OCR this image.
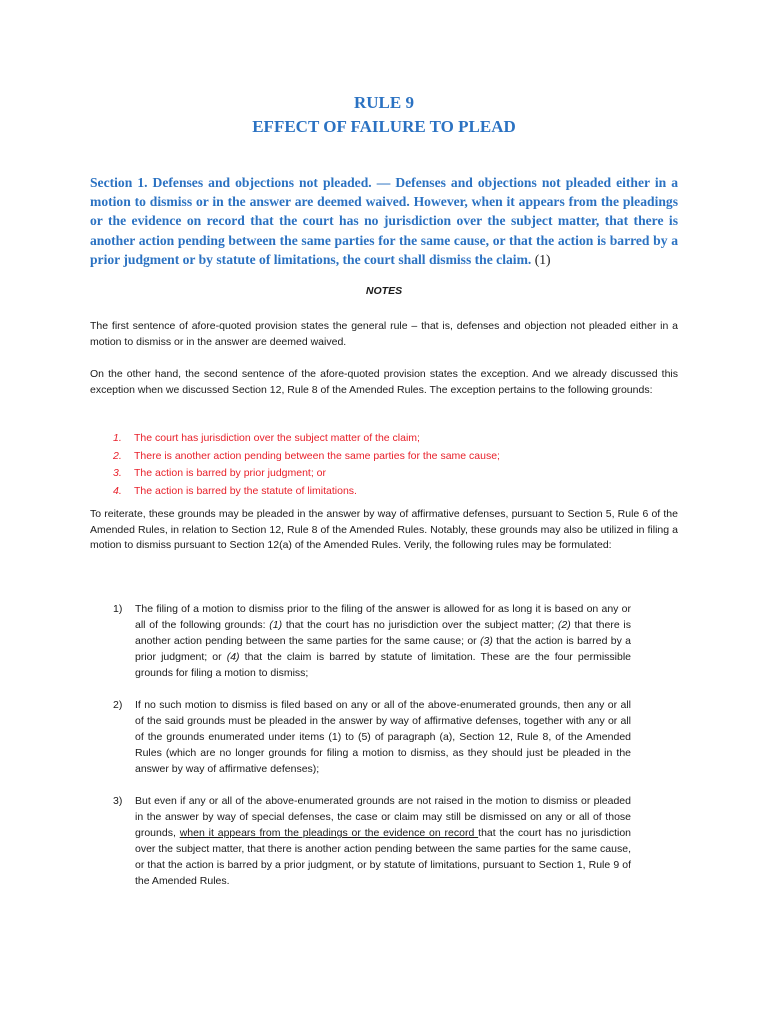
RULE 9
EFFECT OF FAILURE TO PLEAD

Section 1. Defenses and objections not pleaded. — Defenses and objections not pleaded either in a motion to dismiss or in the answer are deemed waived. However, when it appears from the pleadings or the evidence on record that the court has no jurisdiction over the subject matter, that there is another action pending between the same parties for the same cause, or that the action is barred by a prior judgment or by statute of limitations, the court shall dismiss the claim. (1)

NOTES

The first sentence of afore-quoted provision states the general rule – that is, defenses and objection not pleaded either in a motion to dismiss or in the answer are deemed waived.

On the other hand, the second sentence of the afore-quoted provision states the exception. And we already discussed this exception when we discussed Section 12, Rule 8 of the Amended Rules. The exception pertains to the following grounds:

1. The court has jurisdiction over the subject matter of the claim;
2. There is another action pending between the same parties for the same cause;
3. The action is barred by prior judgment; or
4. The action is barred by the statute of limitations.

To reiterate, these grounds may be pleaded in the answer by way of affirmative defenses, pursuant to Section 5, Rule 6 of the Amended Rules, in relation to Section 12, Rule 8 of the Amended Rules. Notably, these grounds may also be utilized in filing a motion to dismiss pursuant to Section 12(a) of the Amended Rules. Verily, the following rules may be formulated:

1) The filing of a motion to dismiss prior to the filing of the answer is allowed for as long it is based on any or all of the following grounds: (1) that the court has no jurisdiction over the subject matter; (2) that there is another action pending between the same parties for the same cause; or (3) that the action is barred by a prior judgment; or (4) that the claim is barred by statute of limitation. These are the four permissible grounds for filing a motion to dismiss;
2) If no such motion to dismiss is filed based on any or all of the above-enumerated grounds, then any or all of the said grounds must be pleaded in the answer by way of affirmative defenses, together with any or all of the grounds enumerated under items (1) to (5) of paragraph (a), Section 12, Rule 8, of the Amended Rules (which are no longer grounds for filing a motion to dismiss, as they should just be pleaded in the answer by way of affirmative defenses);
3) But even if any or all of the above-enumerated grounds are not raised in the motion to dismiss or pleaded in the answer by way of special defenses, the case or claim may still be dismissed on any or all of those grounds, when it appears from the pleadings or the evidence on record that the court has no jurisdiction over the subject matter, that there is another action pending between the same parties for the same cause, or that the action is barred by a prior judgment, or by statute of limitations, pursuant to Section 1, Rule 9 of the Amended Rules.
